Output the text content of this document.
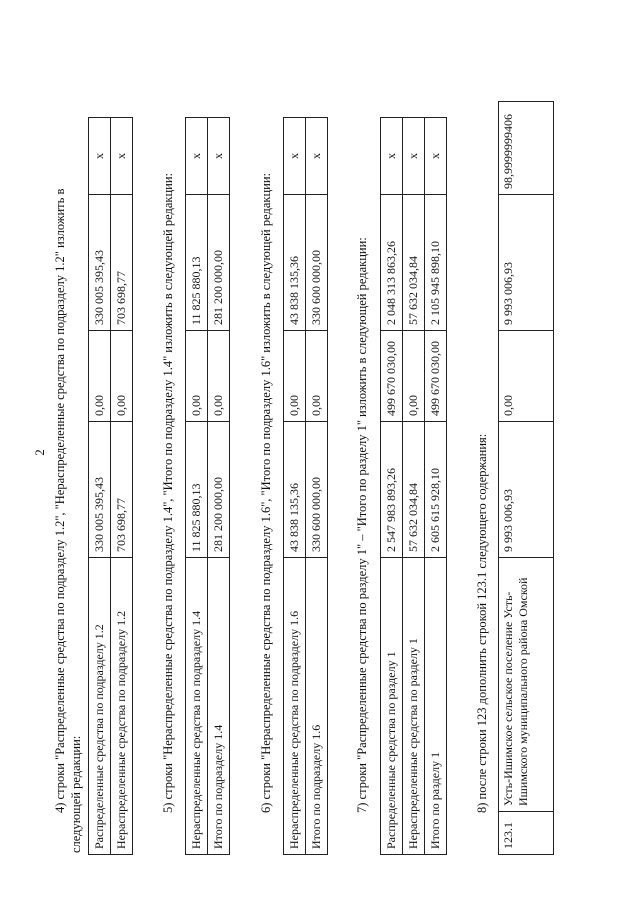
2 4) строки "Распределенные средства по подразделу 1.2", "Нераспределенные средства по подразделу 1.2" изложить в следующей редакции: Распределенные средства по подразделу 1.2	330 005 395,43	0,00	330 005 395,43	x
Нераспределенные средства по подразделу 1.2	703 698,77	0,00	703 698,77	x
5) строки "Нераспределенные средства по подразделу 1.4", "Итого по подразделу 1.4" изложить в следующей редакции: Нераспределенные средства по подразделу 1.4	11 825 880,13	0,00	11 825 880,13	x
Итого по подразделу 1.4	281 200 000,00	0,00	281 200 000,00	x
6) строки "Нераспределенные средства по подразделу 1.6", "Итого по подразделу 1.6" изложить в следующей редакции: Нераспределенные средства по подразделу 1.6	43 838 135,36	0,00	43 838 135,36	x
Итого по подразделу 1.6	330 600 000,00	0,00	330 600 000,00	x
7) строки "Распределенные средства по разделу 1" – "Итого по разделу 1" изложить в следующей редакции: Распределенные средства по разделу 1	2 547 983 893,26	499 670 030,00	2 048 313 863,26	x
Нераспределенные средства по разделу 1	57 632 034,84	0,00	57 632 034,84	x
Итого по разделу 1	2 605 615 928,10	499 670 030,00	2 105 945 898,10	x
8) после строки 123 дополнить строкой 123.1 следующего содержания:
123.1	Усть-Ишимское сельское поселение Усть-Ишимского муниципального района Омской	9 993 006,93	0,00	9 993 006,93	98,9999999406
